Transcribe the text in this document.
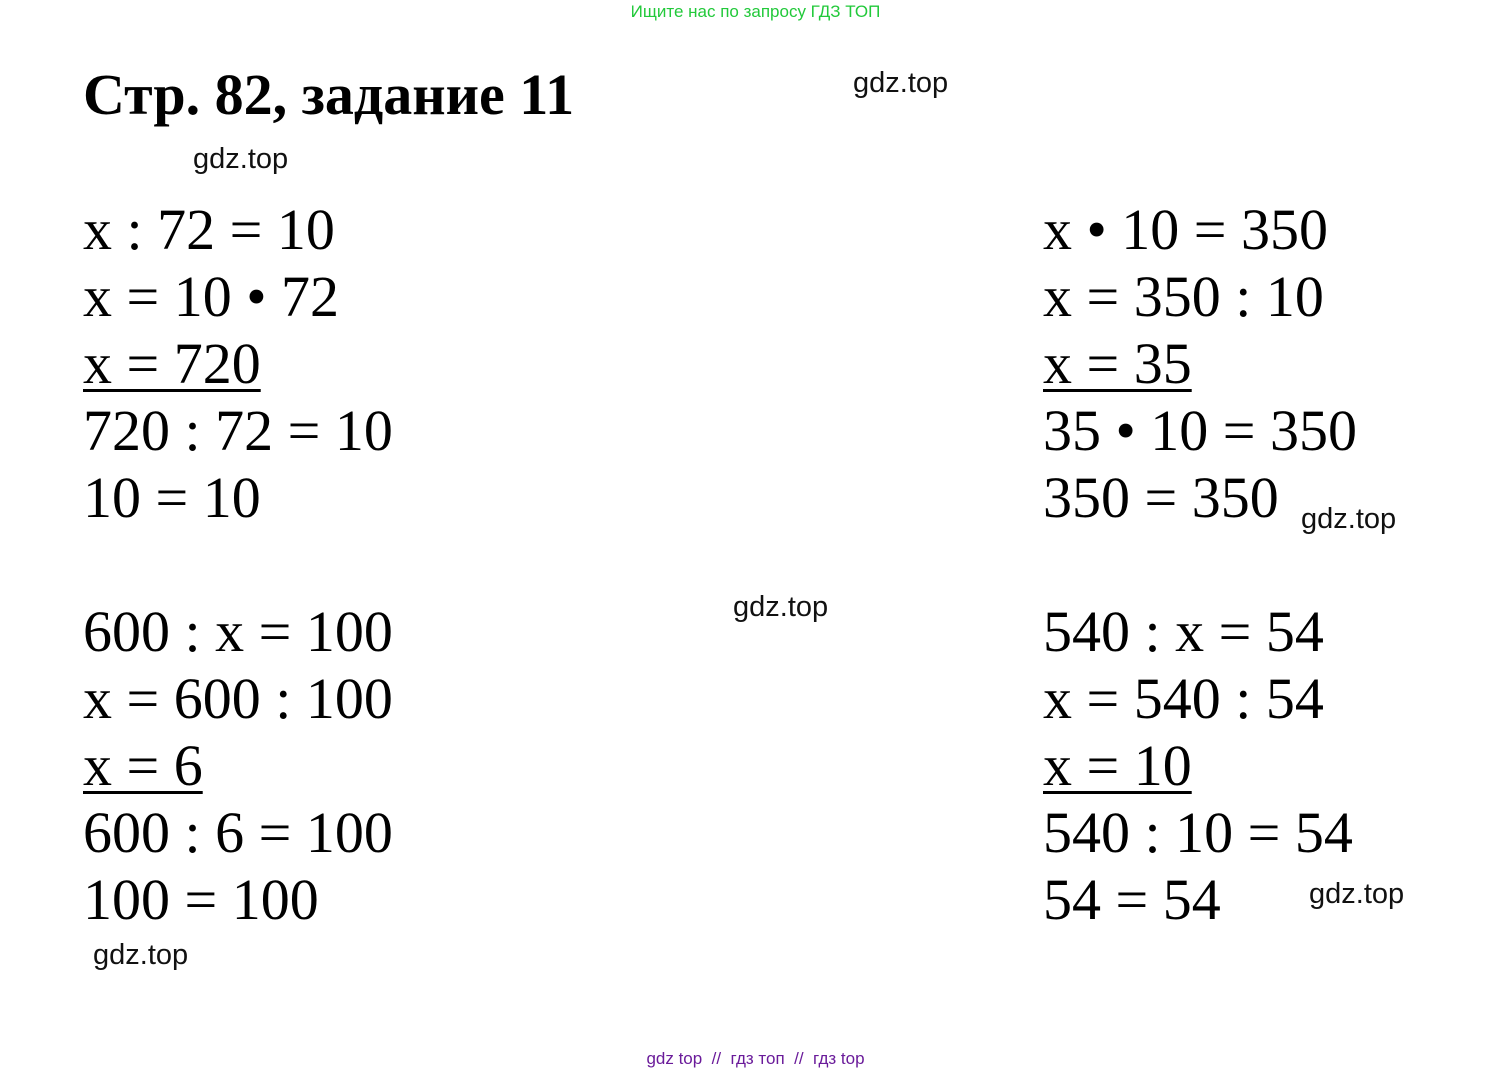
Ищите нас по запросу ГДЗ ТОП
Стр. 82, задание 11	gdz.top
gdz.top
gdz.top
gdz.top
gdz.top
gdz.top
x : 72 = 10
x = 10 • 72
x = 720
720 : 72 = 10
10 = 10
x • 10 = 350
x = 350 : 10
x = 35
35 • 10 = 350
350 = 350
600 : x = 100
x = 600 : 100
x = 6
600 : 6 = 100
100 = 100
540 : x = 54
x = 540 : 54
x = 10
540 : 10 = 54
54 = 54
gdz top  //  гдз топ  //  гдз top
